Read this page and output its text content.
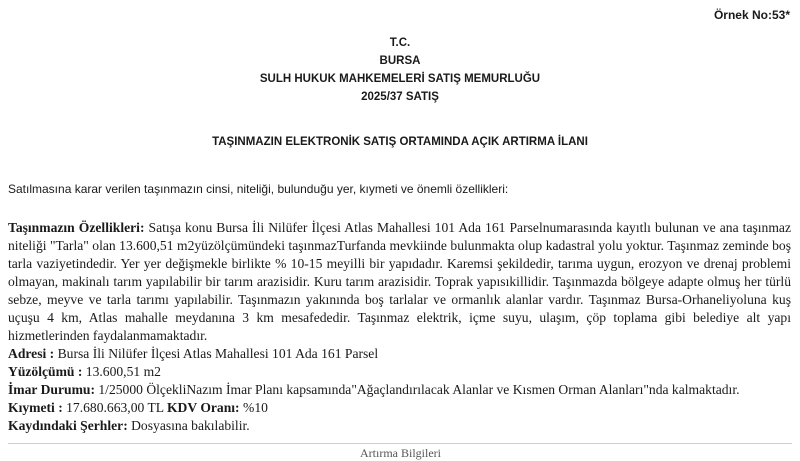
Örnek No:53*
T.C.
BURSA
SULH HUKUK MAHKEMELERİ SATIŞ MEMURLUĞU
2025/37 SATIŞ
TAŞINMAZIN ELEKTRONİK SATIŞ ORTAMINDA AÇIK ARTIRMA İLANI
Satılmasına karar verilen taşınmazın cinsi, niteliği, bulunduğu yer, kıymeti ve önemli özellikleri:

Taşınmazın Özellikleri: Satışa konu Bursa İli Nilüfer İlçesi Atlas Mahallesi 101 Ada 161 Parselnumarasında kayıtlı bulunan ve ana taşınmaz niteliği "Tarla" olan 13.600,51 m2yüzölçümündeki taşınmazTurfanda mevkiinde bulunmakta olup kadastral yolu yoktur. Taşınmaz zeminde boş tarla vaziyetindedir. Yer yer değişmekle birlikte % 10-15 meyilli bir yapıdadır. Karemsi şekildedir, tarıma uygun, erozyon ve drenaj problemi olmayan, makinalı tarım yapılabilir bir tarım arazisidir. Kuru tarım arazisidir. Toprak yapısıkillidir. Taşınmazda bölgeye adapte olmuş her türlü sebze, meyve ve tarla tarımı yapılabilir. Taşınmazın yakınında boş tarlalar ve ormanlık alanlar vardır. Taşınmaz Bursa-Orhaneliyoluna kuş uçuşu 4 km, Atlas mahalle meydanına 3 km mesafededir. Taşınmaz elektrik, içme suyu, ulaşım, çöp toplama gibi belediye alt yapı hizmetlerinden faydalanmamaktadır.

Adresi : Bursa İli Nilüfer İlçesi Atlas Mahallesi 101 Ada 161 Parsel

Yüzölçümü : 13.600,51 m2

İmar Durumu: 1/25000 ÖlçekliNazım İmar Planı kapsamında"Ağaçlandırılacak Alanlar ve Kısmen Orman Alanları"nda kalmaktadır.

Kıymeti : 17.680.663,00 TL KDV Oranı: %10

Kaydındaki Şerhler: Dosyasına bakılabilir.

Artırma Bilgileri
